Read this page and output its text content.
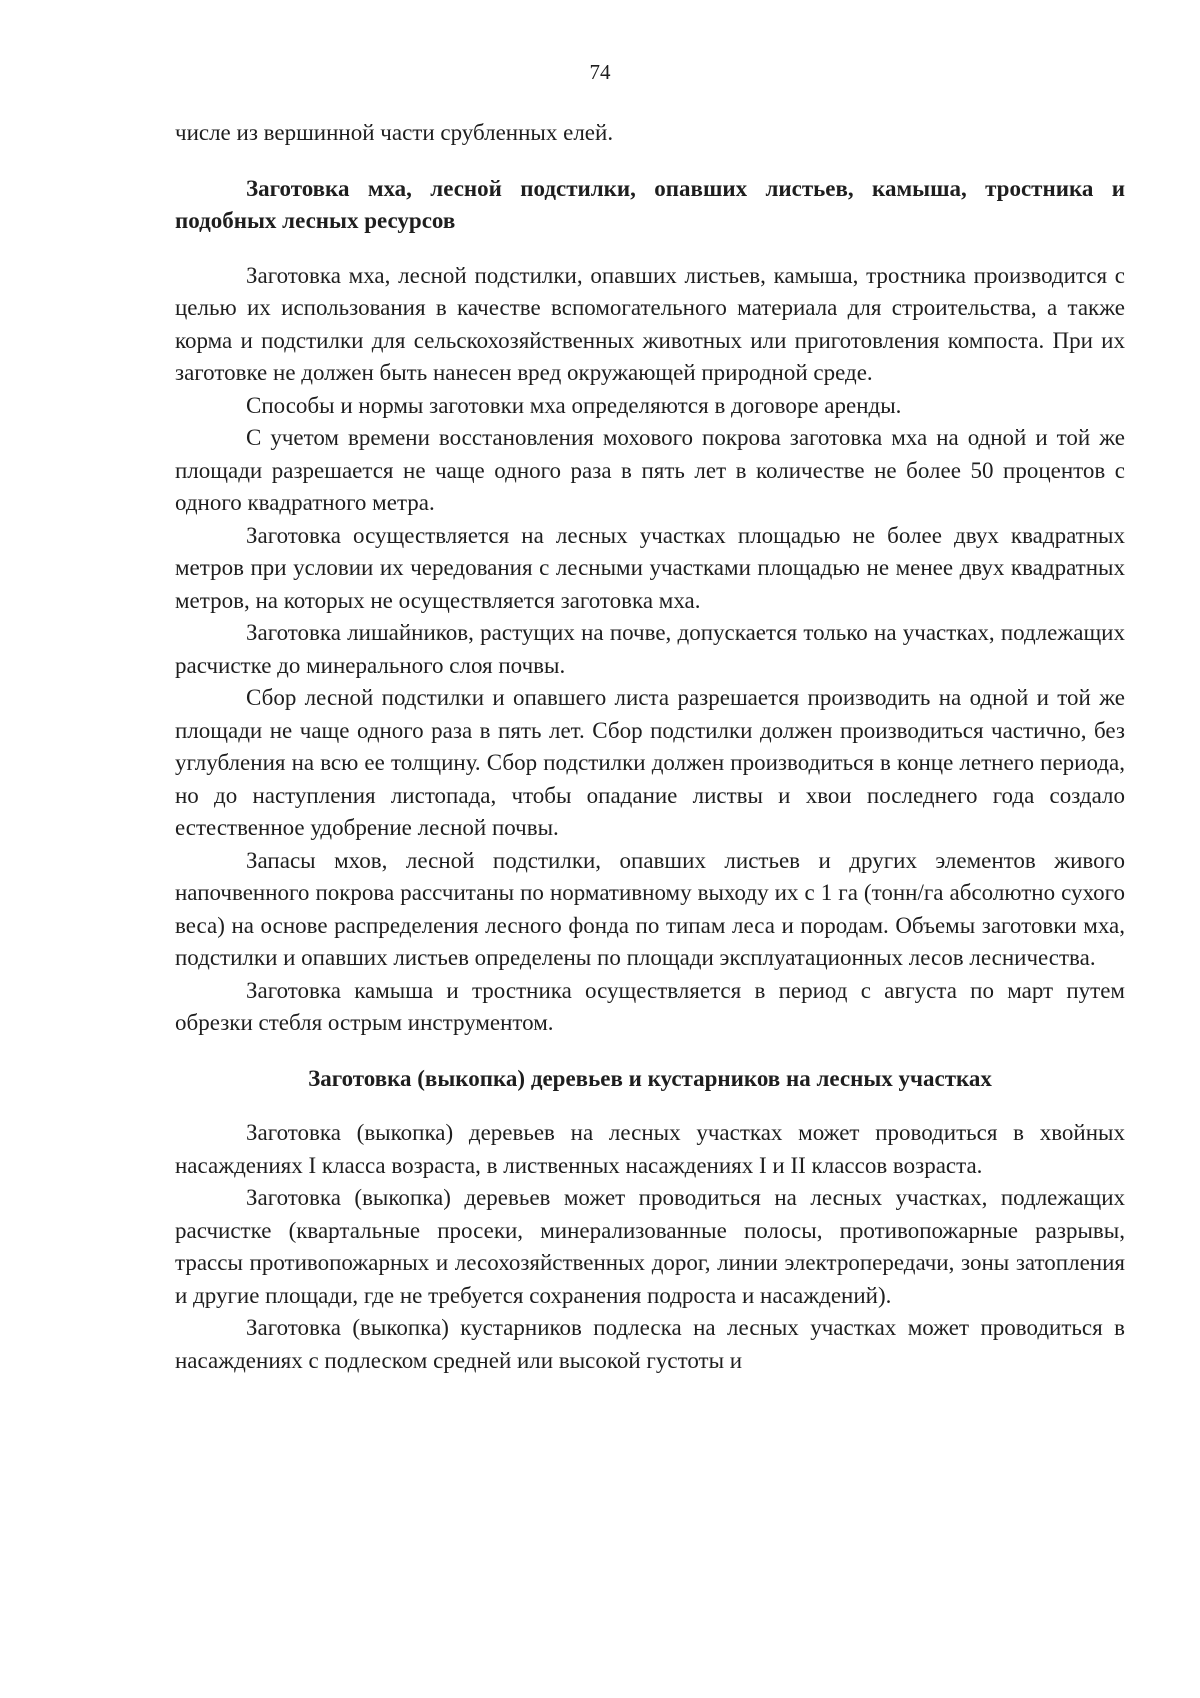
74

числе из вершинной части срубленных елей.

Заготовка мха, лесной подстилки, опавших листьев, камыша, тростника и подобных лесных ресурсов

Заготовка мха, лесной подстилки, опавших листьев, камыша, тростника производится с целью их использования в качестве вспомогательного материала для строительства, а также корма и подстилки для сельскохозяйственных животных или приготовления компоста. При их заготовке не должен быть нанесен вред окружающей природной среде.

Способы и нормы заготовки мха определяются в договоре аренды.

С учетом времени восстановления мохового покрова заготовка мха на одной и той же площади разрешается не чаще одного раза в пять лет в количестве не более 50 процентов с одного квадратного метра.

Заготовка осуществляется на лесных участках площадью не более двух квадратных метров при условии их чередования с лесными участками площадью не менее двух квадратных метров, на которых не осуществляется заготовка мха.

Заготовка лишайников, растущих на почве, допускается только на участках, подлежащих расчистке до минерального слоя почвы.

Сбор лесной подстилки и опавшего листа разрешается производить на одной и той же площади не чаще одного раза в пять лет. Сбор подстилки должен производиться частично, без углубления на всю ее толщину. Сбор подстилки должен производиться в конце летнего периода, но до наступления листопада, чтобы опадание листвы и хвои последнего года создало естественное удобрение лесной почвы.

Запасы мхов, лесной подстилки, опавших листьев и других элементов живого напочвенного покрова рассчитаны по нормативному выходу их с 1 га (тонн/га абсолютно сухого веса) на основе распределения лесного фонда по типам леса и породам. Объемы заготовки мха, подстилки и опавших листьев определены по площади эксплуатационных лесов лесничества.

Заготовка камыша и тростника осуществляется в период с августа по март путем обрезки стебля острым инструментом.

Заготовка (выкопка) деревьев и кустарников на лесных участках

Заготовка (выкопка) деревьев на лесных участках может проводиться в хвойных насаждениях I класса возраста, в лиственных насаждениях I и II классов возраста.

Заготовка (выкопка) деревьев может проводиться на лесных участках, подлежащих расчистке (квартальные просеки, минерализованные полосы, противопожарные разрывы, трассы противопожарных и лесохозяйственных дорог, линии электропередачи, зоны затопления и другие площади, где не требуется сохранения подроста и насаждений).

Заготовка (выкопка) кустарников подлеска на лесных участках может проводиться в насаждениях с подлеском средней или высокой густоты и
